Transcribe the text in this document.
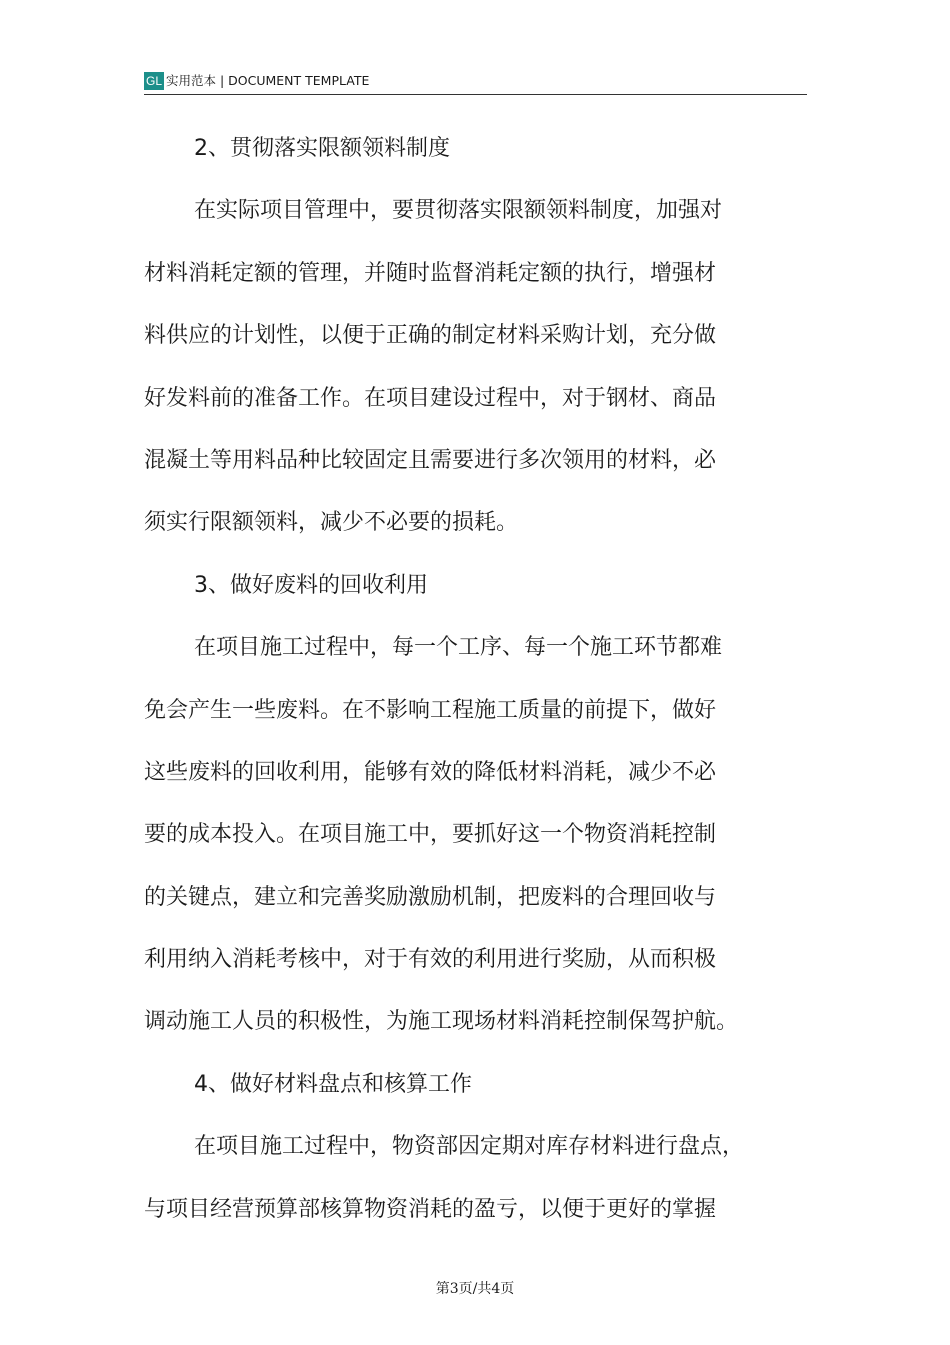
GL 实用范本 | DOCUMENT TEMPLATE
2、贯彻落实限额领料制度
在实际项目管理中，要贯彻落实限额领料制度，加强对
材料消耗定额的管理，并随时监督消耗定额的执行，增强材
料供应的计划性，以便于正确的制定材料采购计划，充分做
好发料前的准备工作。在项目建设过程中，对于钢材、商品
混凝土等用料品种比较固定且需要进行多次领用的材料，必
须实行限额领料，减少不必要的损耗。
3、做好废料的回收利用
在项目施工过程中，每一个工序、每一个施工环节都难
免会产生一些废料。在不影响工程施工质量的前提下，做好
这些废料的回收利用，能够有效的降低材料消耗，减少不必
要的成本投入。在项目施工中，要抓好这一个物资消耗控制
的关键点，建立和完善奖励激励机制，把废料的合理回收与
利用纳入消耗考核中，对于有效的利用进行奖励，从而积极
调动施工人员的积极性，为施工现场材料消耗控制保驾护航。
4、做好材料盘点和核算工作
在项目施工过程中，物资部因定期对库存材料进行盘点，
与项目经营预算部核算物资消耗的盈亏，以便于更好的掌握
第3页/共4页
